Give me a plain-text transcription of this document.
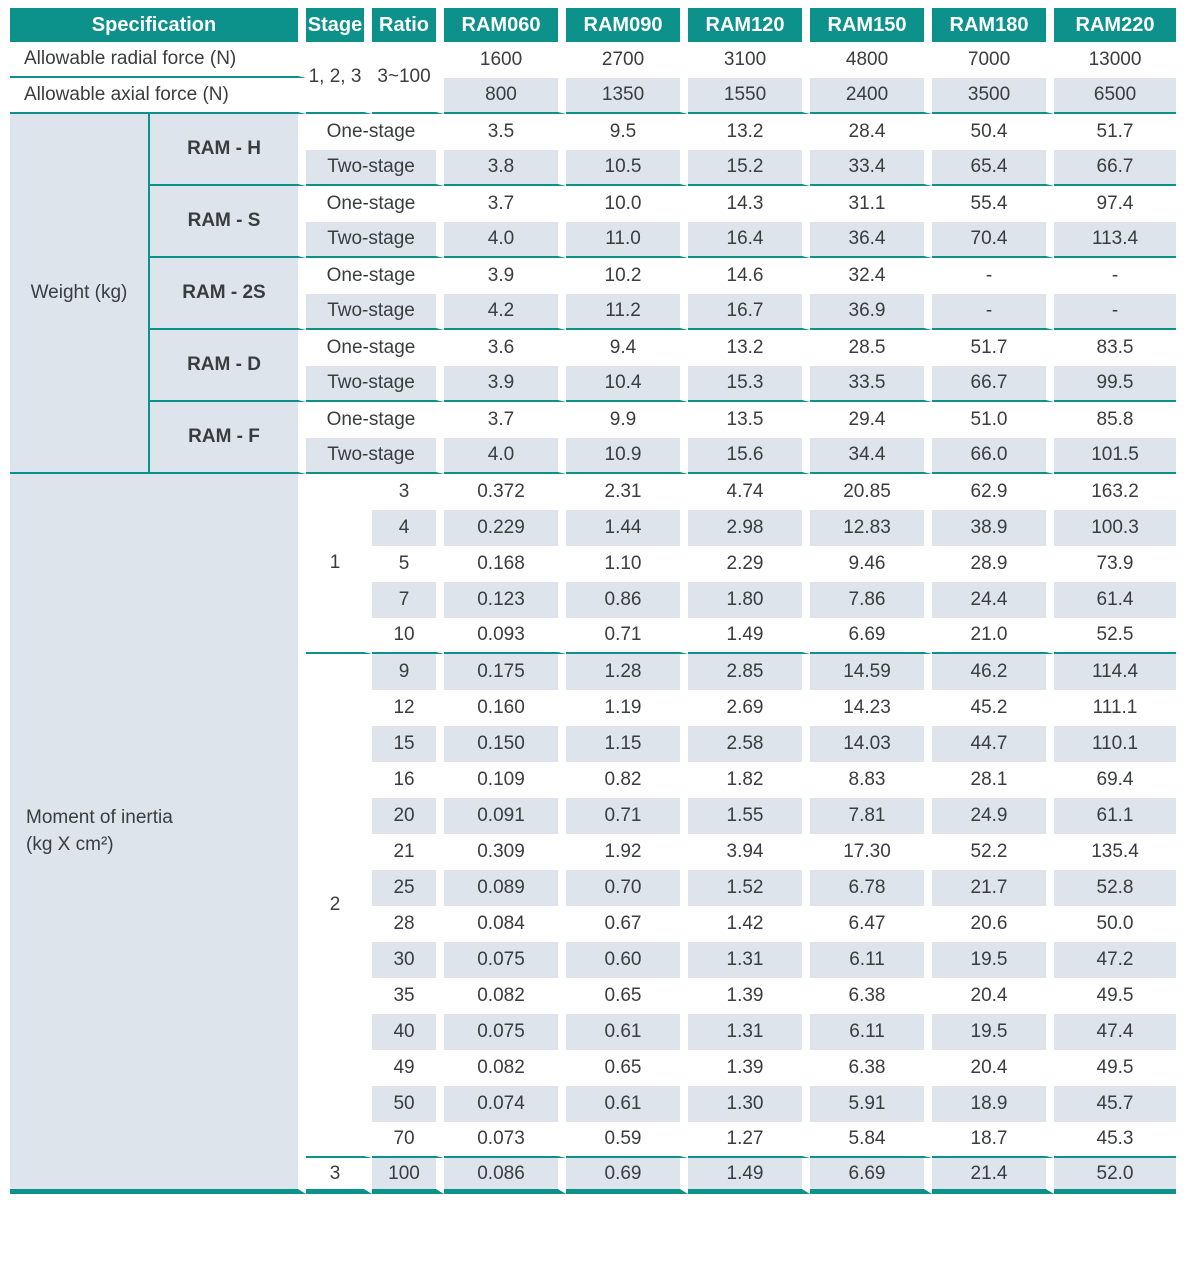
Specification		Stage	Ratio	RAM060	RAM090	RAM120	RAM150	RAM180	RAM220
Allowable radial force (N)		1, 2, 3	3~100	1600	2700	3100	4800	7000	13000
Allowable axial force (N)				800	1350	1550	2400	3500	6500
Weight (kg)	RAM - H	One-stage		3.5	9.5	13.2	28.4	50.4	51.7
		Two-stage		3.8	10.5	15.2	33.4	65.4	66.7
	RAM - S	One-stage		3.7	10.0	14.3	31.1	55.4	97.4
		Two-stage		4.0	11.0	16.4	36.4	70.4	113.4
	RAM - 2S	One-stage		3.9	10.2	14.6	32.4	-	-
		Two-stage		4.2	11.2	16.7	36.9	-	-
	RAM - D	One-stage		3.6	9.4	13.2	28.5	51.7	83.5
		Two-stage		3.9	10.4	15.3	33.5	66.7	99.5
	RAM - F	One-stage		3.7	9.9	13.5	29.4	51.0	85.8
		Two-stage		4.0	10.9	15.6	34.4	66.0	101.5

Moment of inertia
(kg X cm²)		1	3	0.372	2.31	4.74	20.85	62.9	163.2
			4	0.229	1.44	2.98	12.83	38.9	100.3
			5	0.168	1.10	2.29	9.46	28.9	73.9
			7	0.123	0.86	1.80	7.86	24.4	61.4
			10	0.093	0.71	1.49	6.69	21.0	52.5
		2	9	0.175	1.28	2.85	14.59	46.2	114.4
			12	0.160	1.19	2.69	14.23	45.2	111.1
			15	0.150	1.15	2.58	14.03	44.7	110.1
			16	0.109	0.82	1.82	8.83	28.1	69.4
			20	0.091	0.71	1.55	7.81	24.9	61.1
			21	0.309	1.92	3.94	17.30	52.2	135.4
			25	0.089	0.70	1.52	6.78	21.7	52.8
			28	0.084	0.67	1.42	6.47	20.6	50.0
			30	0.075	0.60	1.31	6.11	19.5	47.2
			35	0.082	0.65	1.39	6.38	20.4	49.5
			40	0.075	0.61	1.31	6.11	19.5	47.4
			49	0.082	0.65	1.39	6.38	20.4	49.5
			50	0.074	0.61	1.30	5.91	18.9	45.7
			70	0.073	0.59	1.27	5.84	18.7	45.3
		3	100	0.086	0.69	1.49	6.69	21.4	52.0
